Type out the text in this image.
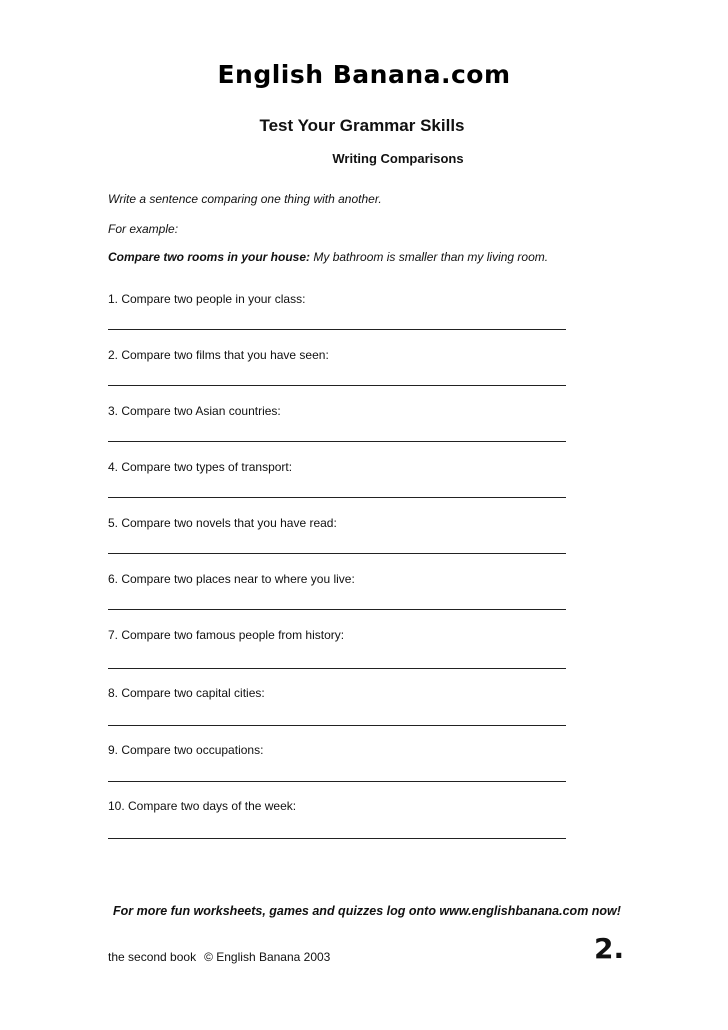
English Banana.com
Test Your Grammar Skills
Writing Comparisons
Write a sentence comparing one thing with another.
For example:
Compare two rooms in your house: My bathroom is smaller than my living room.
1. Compare two people in your class:
2. Compare two films that you have seen:
3. Compare two Asian countries:
4. Compare two types of transport:
5. Compare two novels that you have read:
6. Compare two places near to where you live:
7. Compare two famous people from history:
8. Compare two capital cities:
9. Compare two occupations:
10. Compare two days of the week:
For more fun worksheets, games and quizzes log onto www.englishbanana.com now!
the second book © English Banana 2003	2.
